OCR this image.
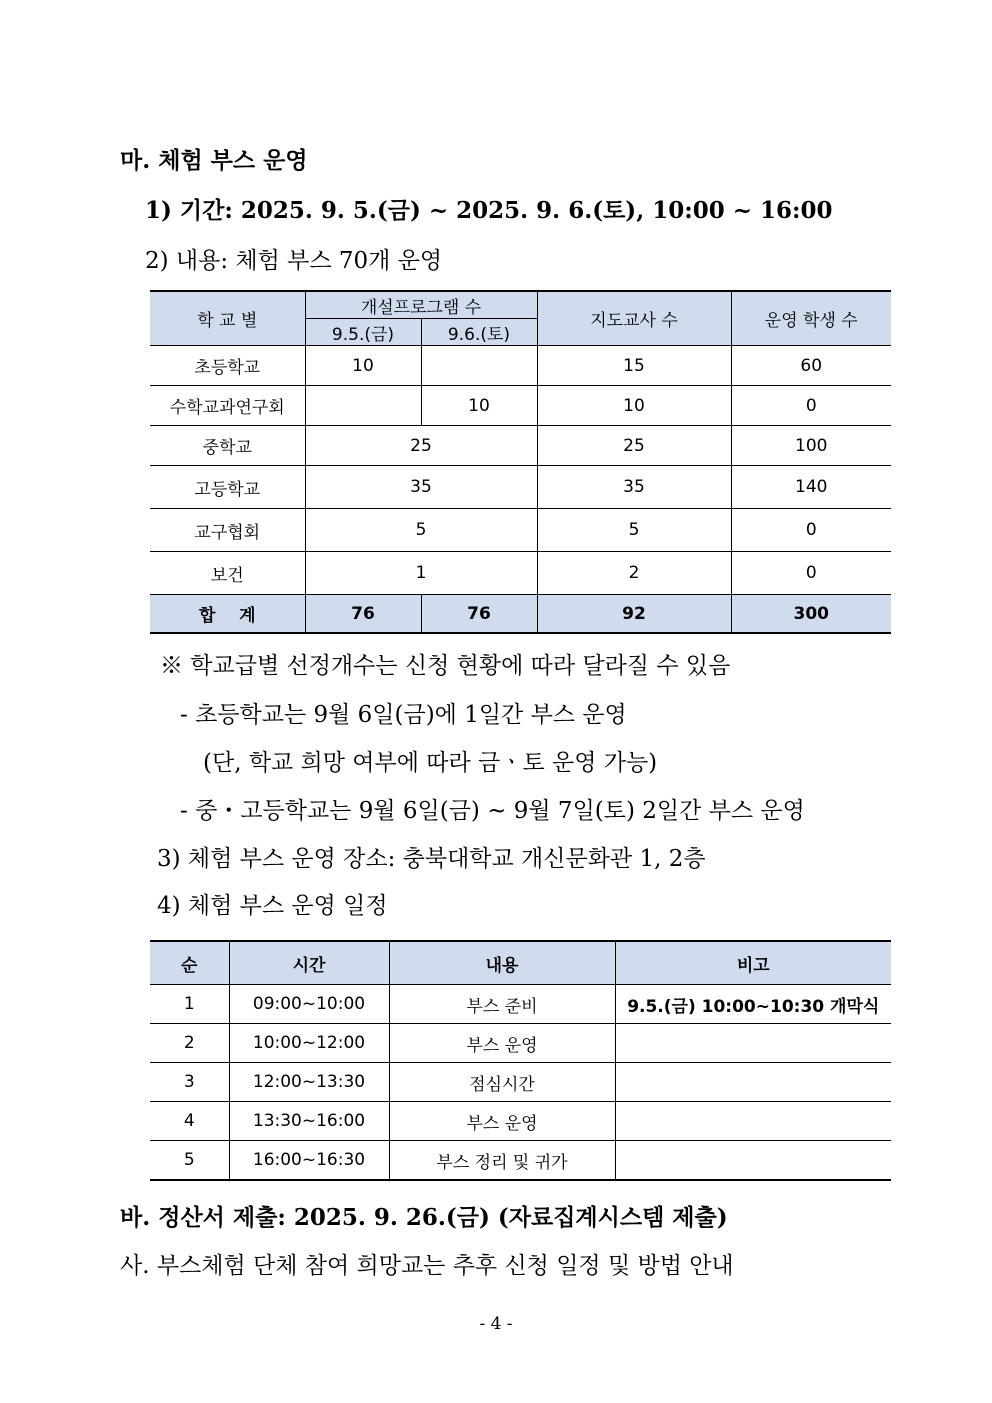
마. 체험 부스 운영
1) 기간: 2025. 9. 5.(금) ~ 2025. 9. 6.(토), 10:00 ~ 16:00
2) 내용: 체험 부스 70개 운영
학 교 별	개설프로그램 수		지도교사 수	운영 학생 수
	9.5.(금)	9.6.(토)		
초등학교	10		15	60
수학교과연구회		10	10	0
중학교	25		25	100
고등학교	35		35	140
교구협회	5		5	0
보건	1		2	0
합    계	76	76	92	300
※ 학교급별 선정개수는 신청 현황에 따라 달라질 수 있음
- 초등학교는 9월 6일(금)에 1일간 부스 운영
(단, 학교 희망 여부에 따라 금ㆍ토 운영 가능)
- 중・고등학교는 9월 6일(금) ~ 9월 7일(토) 2일간 부스 운영
3) 체험 부스 운영 장소: 충북대학교 개신문화관 1, 2층
4) 체험 부스 운영 일정
순	시간	내용	비고
1	09:00~10:00	부스 준비	9.5.(금) 10:00~10:30 개막식
2	10:00~12:00	부스 운영	
3	12:00~13:30	점심시간	
4	13:30~16:00	부스 운영	
5	16:00~16:30	부스 정리 및 귀가	
바. 정산서 제출: 2025. 9. 26.(금) (자료집계시스템 제출)
사. 부스체험 단체 참여 희망교는 추후 신청 일정 및 방법 안내
- 4 -
